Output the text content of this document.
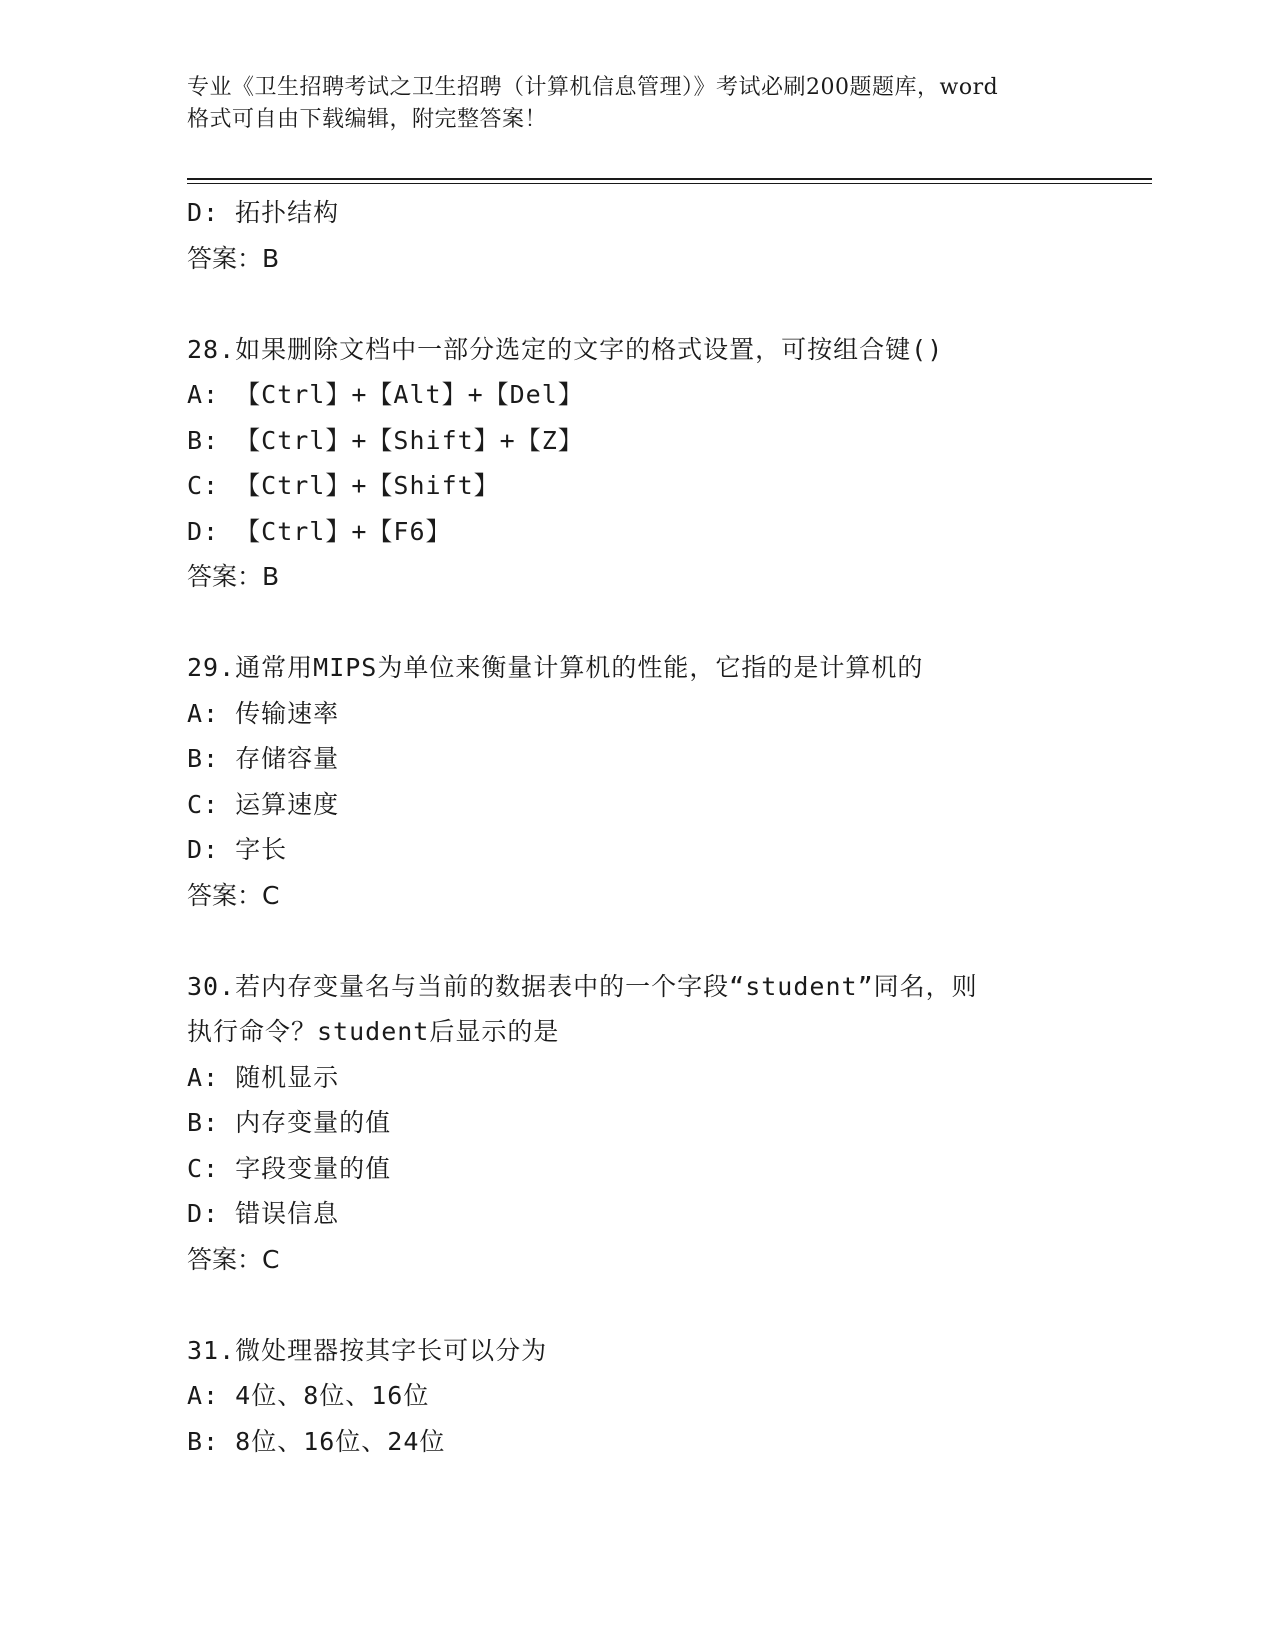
专业《卫生招聘考试之卫生招聘（计算机信息管理）》考试必刷200题题库，word
格式可自由下载编辑，附完整答案！
D: 拓扑结构
答案：B
28.如果删除文档中一部分选定的文字的格式设置，可按组合键()
A: 【Ctrl】+【Alt】+【Del】
B: 【Ctrl】+【Shift】+【Z】
C: 【Ctrl】+【Shift】
D: 【Ctrl】+【F6】
答案：B
29.通常用MIPS为单位来衡量计算机的性能，它指的是计算机的
A: 传输速率
B: 存储容量
C: 运算速度
D: 字长
答案：C
30.若内存变量名与当前的数据表中的一个字段“student”同名，则
执行命令？student后显示的是
A: 随机显示
B: 内存变量的值
C: 字段变量的值
D: 错误信息
答案：C
31.微处理器按其字长可以分为
A: 4位、8位、16位
B: 8位、16位、24位
